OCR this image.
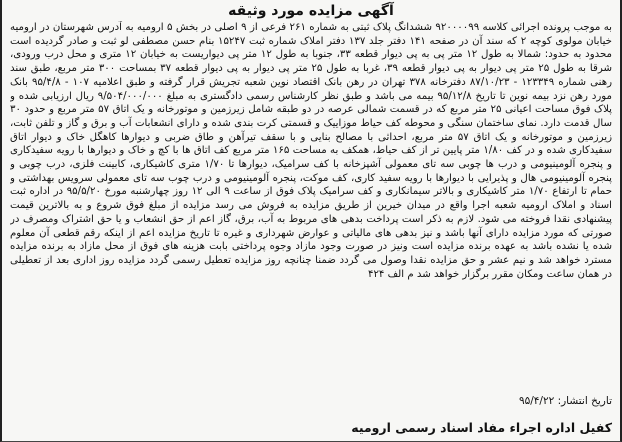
آگهی مزایده مورد وثیقه

به موجب پرونده اجرائی کلاسه ۹۲۰۰۰۰۹۹ ششدانگ پلاک ثبتی به شماره ۲۶۱ فرعی از ۹ اصلی در بخش ۵ ارومیه به آدرس شهرستان در ارومیه خیابان مولوی کوچه ۲ که سند آن در صفحه ۱۴۱ دفتر جلد ۱۳۷ دفتر املاک شماره ثبت ۱۵۲۴۷ بنام حسن مصطفی لو ثبت و صادر گردیده است محدود به حدود: شمالا به طول ۱۲ متر پی به پی دیوار قطعه ۳۳، جنوبا به طول ۱۲ متر پی دیواریست به خیابان ۱۲ متری و محل درب ورودی، شرقا به طول ۲۵ متر پی دیوار به پی دیوار قطعه ۳۹، غربا به طول ۲۵ متر پی دیوار به پی دیوار قطعه ۳۷ بمساحت ۳۰۰ متر مربع، طبق سند رهنی شماره ۱۲۳۳۴۹ - ۸۷/۱۰/۲۳ دفترخانه ۳۷۸ تهران در رهن بانک اقتصاد نوین شعبه تجریش قرار گرفته و طبق اعلامیه ۱۰۷ - ۹۵/۴/۸ بانک مورد رهن نزد بیمه نوین تا تاریخ ۹۵/۱۲/۸ بیمه می باشد و طبق نظر کارشناس رسمی دادگستری به مبلغ ۹/۵۰۴/۰۰۰/۰۰۰ ریال ارزیابی شده و پلاک فوق مساحت اعیانی ۲۵ متر مربع که در قسمت شمالی عرصه در دو طبقه شامل زیرزمین و موتورخانه و یک اتاق ۵۷ متر مربع و حدود ۳۰ سال قدمت دارد. نمای ساختمان سنگی و محوطه کف حیاط موزاییک و قسمتی کرت بندی شده و دارای انشعابات آب و برق و گاز و تلفن ثابت، زیرزمین و موتورخانه و یک اتاق ۵۷ متر مربع، احداثی با مصالح بنایی و با سقف تیرآهن و طاق ضربی و دیوارها کاهگل خاک و دیوار اتاق سفیدکاری شده و در کف ۱/۸۰ متر پایین تر از کف حیاط، همکف به مساحت ۱۶۵ متر مربع کف اتاق ها با کچ و خاک و دیوارها با رویه سفیدکاری و پنجره آلومینیومی و درب ها چوبی سه تای معمولی آشپزخانه با کف سرامیک، دیوارها تا ۱/۷۰ متری کاشیکاری، کابینت فلزی، درب چوبی و پنجره آلومینیومی هال و پذیرایی با دیوارها با رویه سفید کاری، کف موکت، پنجره آلومینیومی و درب چوب سه تای معمولی سرویس بهداشتی و حمام تا ارتفاع ۱/۷۰ متر کاشیکاری و بالاتر سیمانکاری و کف سرامیک پلاک فوق از ساعت ۹ الی ۱۲ روز چهارشنبه مورخ ۹۵/۵/۲۰ در اداره ثبت اسناد و املاک ارومیه شعبه اجرا واقع در میدان خیرین از طریق مزایده به فروش می رسد مزایده از مبلغ فوق شروع و به بالاترین قیمت پیشنهادی نقدا فروخته می شود. لازم به ذکر است پرداخت بدهی های مربوط به آب، برق، گاز اعم از حق انشعاب و یا حق اشتراک ومصرف در صورتی که مورد مزایده دارای آنها باشد و نیز بدهی های مالیاتی و عوارض شهرداری و غیره تا تاریخ مزایده اعم از اینکه رقم قطعی آن معلوم شده یا نشده باشد به عهده برنده مزایده است ونیز در صورت وجود مازاد وجوه پرداختی بابت هزینه های فوق از محل مازاد به برنده مزایده مسترد خواهد شد و نیم عشر و حق مزایده نقدا وصول می گردد ضمنا چنانچه روز مزایده تعطیل رسمی گردد مزایده روز اداری بعد از تعطیلی در همان ساعت ومکان مقرر برگزار خواهد شد م الف ۴۲۴

تاریخ انتشار: ۹۵/۴/۲۲
کفیل اداره اجراء مفاد اسناد رسمی ارومیه
